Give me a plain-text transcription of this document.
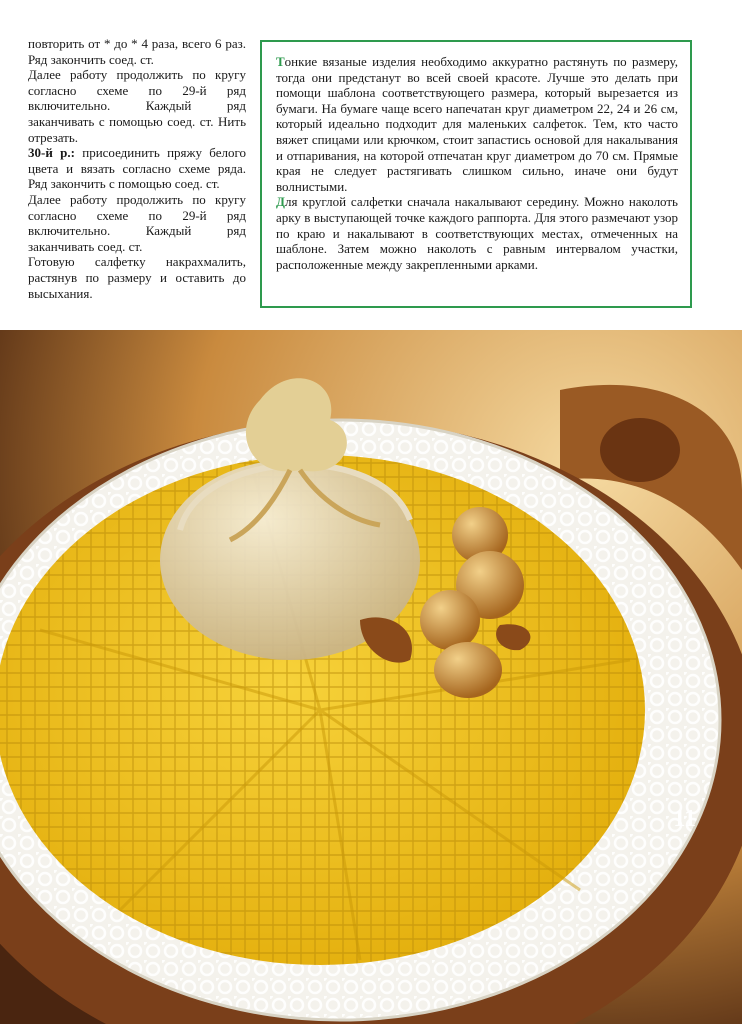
повторить от * до * 4 раза, всего 6 раз. Ряд закончить соед. ст.

Далее работу продолжить по кругу согласно схеме по 29-й ряд включительно. Каждый ряд заканчивать с помощью соед. ст. Нить отрезать.

30-й р.: присоединить пряжу белого цвета и вязать согласно схеме ряда. Ряд закончить с помощью соед. ст.

Далее работу продолжить по кругу согласно схеме по 29-й ряд включительно. Каждый ряд заканчивать соед. ст.

Готовую салфетку накрахмалить, растянув по размеру и оставить до высыхания.

Тонкие вязаные изделия необходимо аккуратно растянуть по размеру, тогда они предстанут во всей своей красоте. Лучше это делать при помощи шаблона соответствующего размера, который вырезается из бумаги. На бумаге чаще всего напечатан круг диаметром 22, 24 и 26 см, который идеально подходит для маленьких салфеток. Тем, кто часто вяжет спицами или крючком, стоит запастись основой для накалывания и отпаривания, на которой отпечатан круг диаметром до 70 см. Прямые края не следует растягивать слишком сильно, иначе они будут волнистыми.

Для круглой салфетки сначала накалывают середину. Можно наколоть арку в выступающей точке каждого раппорта. Для этого размечают узор по краю и накалывают в соответствующих местах, отмеченных на шаблоне. Затем можно наколоть с равным интервалом участки, расположенные между закрепленными арками.

11
